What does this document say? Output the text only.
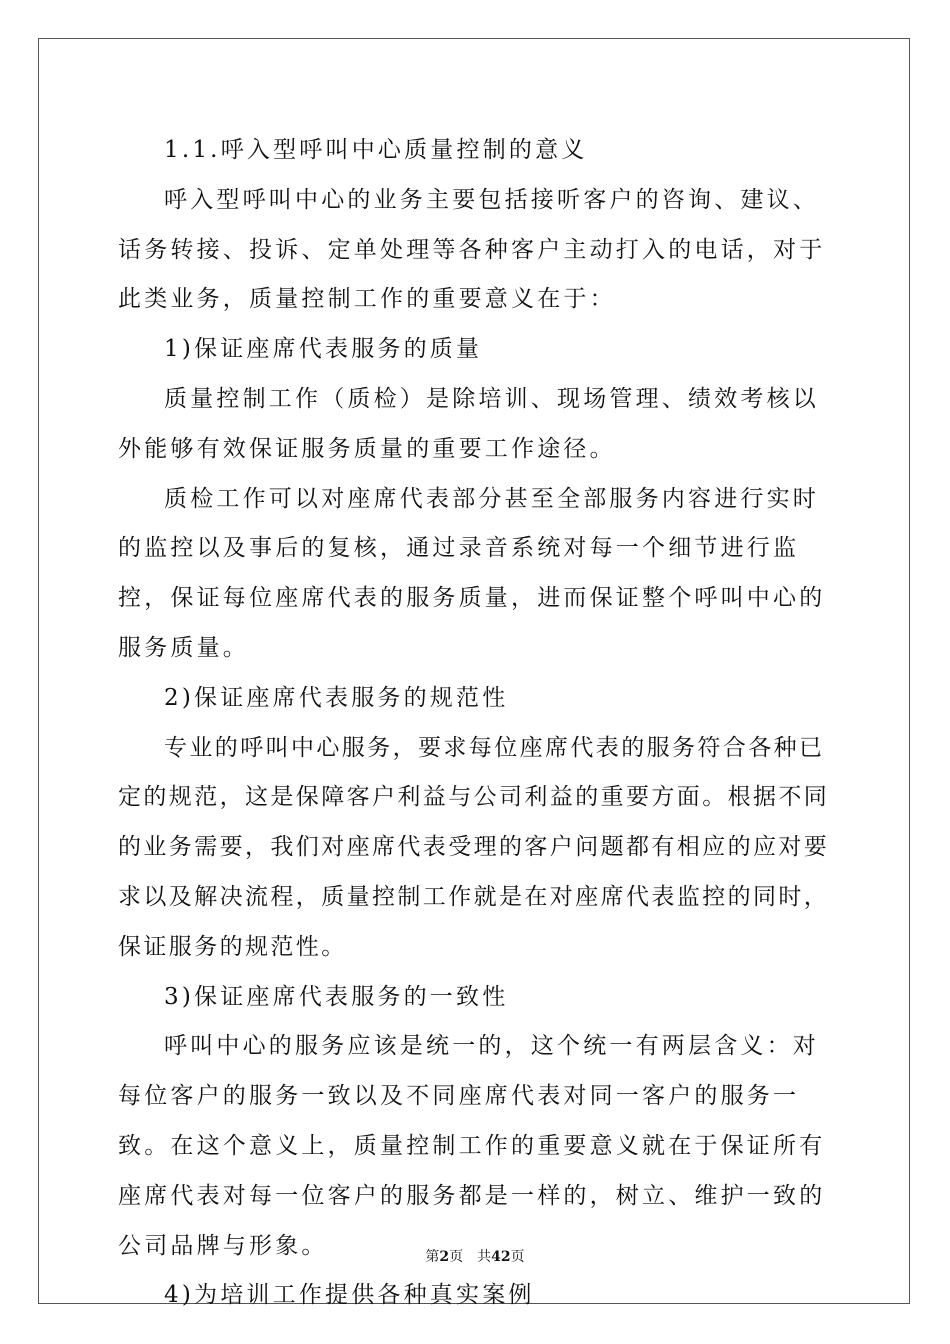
1.1.呼入型呼叫中心质量控制的意义

呼入型呼叫中心的业务主要包括接听客户的咨询、建议、话务转接、投诉、定单处理等各种客户主动打入的电话，对于此类业务，质量控制工作的重要意义在于：

1)保证座席代表服务的质量

质量控制工作（质检）是除培训、现场管理、绩效考核以外能够有效保证服务质量的重要工作途径。

质检工作可以对座席代表部分甚至全部服务内容进行实时的监控以及事后的复核，通过录音系统对每一个细节进行监控，保证每位座席代表的服务质量，进而保证整个呼叫中心的服务质量。

2)保证座席代表服务的规范性

专业的呼叫中心服务，要求每位座席代表的服务符合各种已定的规范，这是保障客户利益与公司利益的重要方面。根据不同的业务需要，我们对座席代表受理的客户问题都有相应的应对要求以及解决流程，质量控制工作就是在对座席代表监控的同时，保证服务的规范性。

3)保证座席代表服务的一致性

呼叫中心的服务应该是统一的，这个统一有两层含义：对每位客户的服务一致以及不同座席代表对同一客户的服务一致。在这个意义上，质量控制工作的重要意义就在于保证所有座席代表对每一位客户的服务都是一样的，树立、维护一致的公司品牌与形象。

4)为培训工作提供各种真实案例

第2页 共42页
